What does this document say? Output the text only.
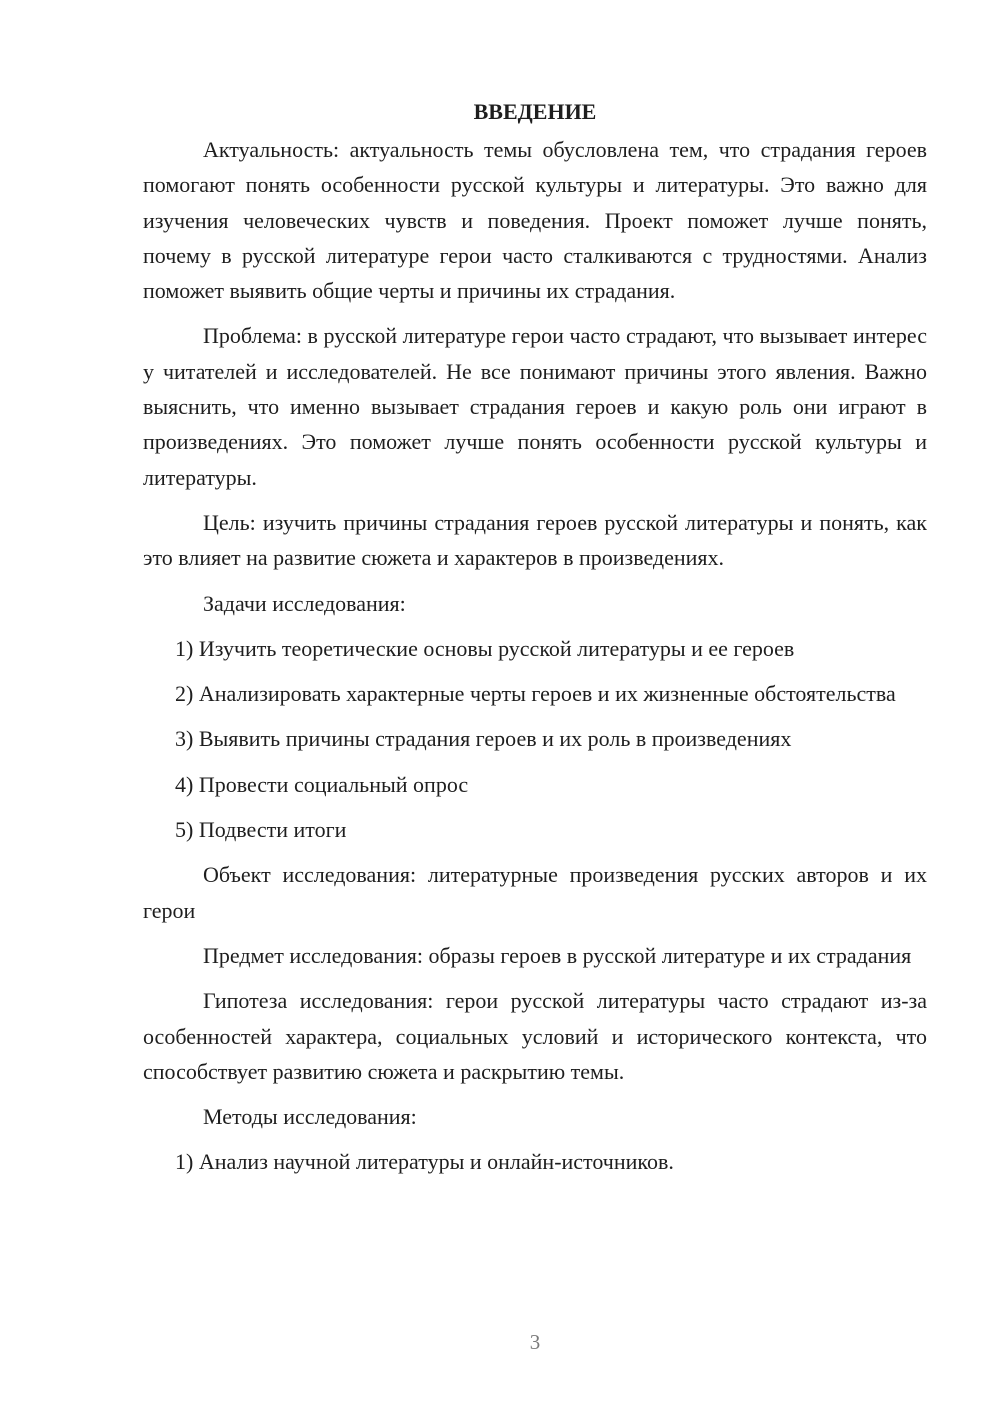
ВВЕДЕНИЕ
Актуальность: актуальность темы обусловлена тем, что страдания героев помогают понять особенности русской культуры и литературы. Это важно для изучения человеческих чувств и поведения. Проект поможет лучше понять, почему в русской литературе герои часто сталкиваются с трудностями. Анализ поможет выявить общие черты и причины их страдания.
Проблема: в русской литературе герои часто страдают, что вызывает интерес у читателей и исследователей. Не все понимают причины этого явления. Важно выяснить, что именно вызывает страдания героев и какую роль они играют в произведениях. Это поможет лучше понять особенности русской культуры и литературы.
Цель: изучить причины страдания героев русской литературы и понять, как это влияет на развитие сюжета и характеров в произведениях.
Задачи исследования:
1) Изучить теоретические основы русской литературы и ее героев
2) Анализировать характерные черты героев и их жизненные обстоятельства
3) Выявить причины страдания героев и их роль в произведениях
4) Провести социальный опрос
5) Подвести итоги
Объект исследования: литературные произведения русских авторов и их герои
Предмет исследования: образы героев в русской литературе и их страдания
Гипотеза исследования: герои русской литературы часто страдают из-за особенностей характера, социальных условий и исторического контекста, что способствует развитию сюжета и раскрытию темы.
Методы исследования:
1) Анализ научной литературы и онлайн-источников.
3
